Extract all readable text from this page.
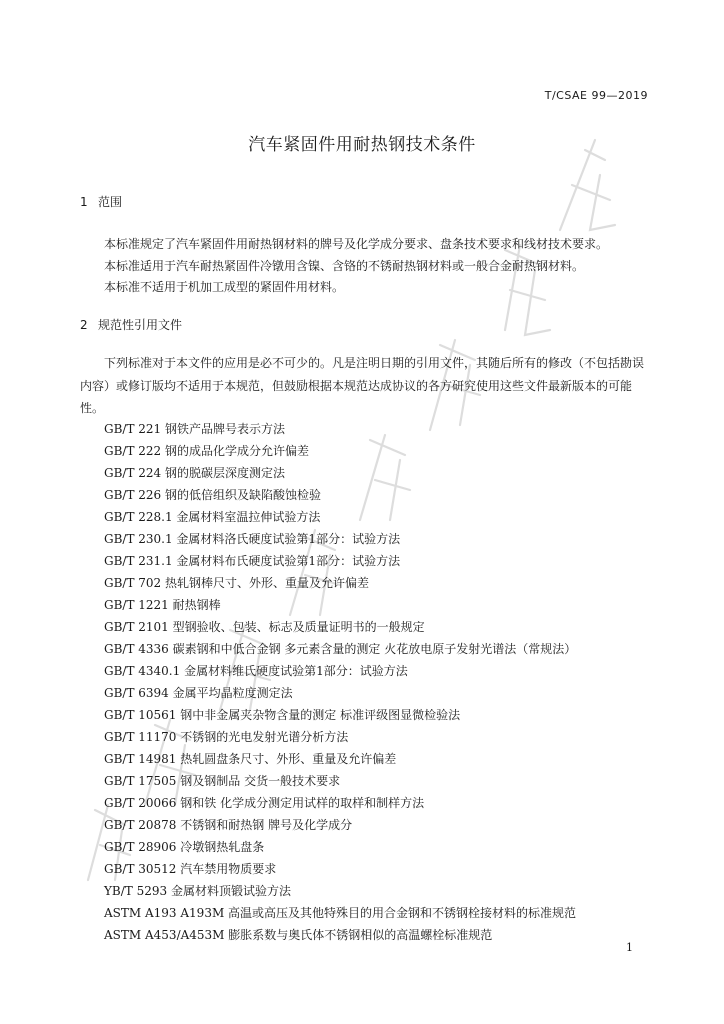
T/CSAE 99—2019
汽车紧固件用耐热钢技术条件
1 范围
本标准规定了汽车紧固件用耐热钢材料的牌号及化学成分要求、盘条技术要求和线材技术要求。
本标准适用于汽车耐热紧固件冷镦用含镍、含铬的不锈耐热钢材料或一般合金耐热钢材料。
本标准不适用于机加工成型的紧固件用材料。
2 规范性引用文件

下列标准对于本文件的应用是必不可少的。凡是注明日期的引用文件，其随后所有的修改（不包括勘误内容）或修订版均不适用于本规范，但鼓励根据本规范达成协议的各方研究使用这些文件最新版本的可能性。

GB/T 221 钢铁产品牌号表示方法
GB/T 222 钢的成品化学成分允许偏差
GB/T 224 钢的脱碳层深度测定法
GB/T 226 钢的低倍组织及缺陷酸蚀检验
GB/T 228.1 金属材料室温拉伸试验方法
GB/T 230.1 金属材料洛氏硬度试验第1部分：试验方法
GB/T 231.1 金属材料布氏硬度试验第1部分：试验方法
GB/T 702 热轧钢棒尺寸、外形、重量及允许偏差
GB/T 1221 耐热钢棒
GB/T 2101 型钢验收、包装、标志及质量证明书的一般规定
GB/T 4336 碳素钢和中低合金钢 多元素含量的测定 火花放电原子发射光谱法（常规法）
GB/T 4340.1 金属材料维氏硬度试验第1部分：试验方法
GB/T 6394 金属平均晶粒度测定法
GB/T 10561 钢中非金属夹杂物含量的测定 标准评级图显微检验法
GB/T 11170 不锈钢的光电发射光谱分析方法
GB/T 14981 热轧圆盘条尺寸、外形、重量及允许偏差
GB/T 17505 钢及钢制品 交货一般技术要求
GB/T 20066 钢和铁 化学成分测定用试样的取样和制样方法
GB/T 20878 不锈钢和耐热钢 牌号及化学成分
GB/T 28906 冷墩钢热轧盘条
GB/T 30512 汽车禁用物质要求
YB/T 5293 金属材料顶锻试验方法
ASTM A193 A193M 高温或高压及其他特殊目的用合金钢和不锈钢栓接材料的标准规范
ASTM A453/A453M 膨胀系数与奥氏体不锈钢相似的高温螺栓标准规范
1
